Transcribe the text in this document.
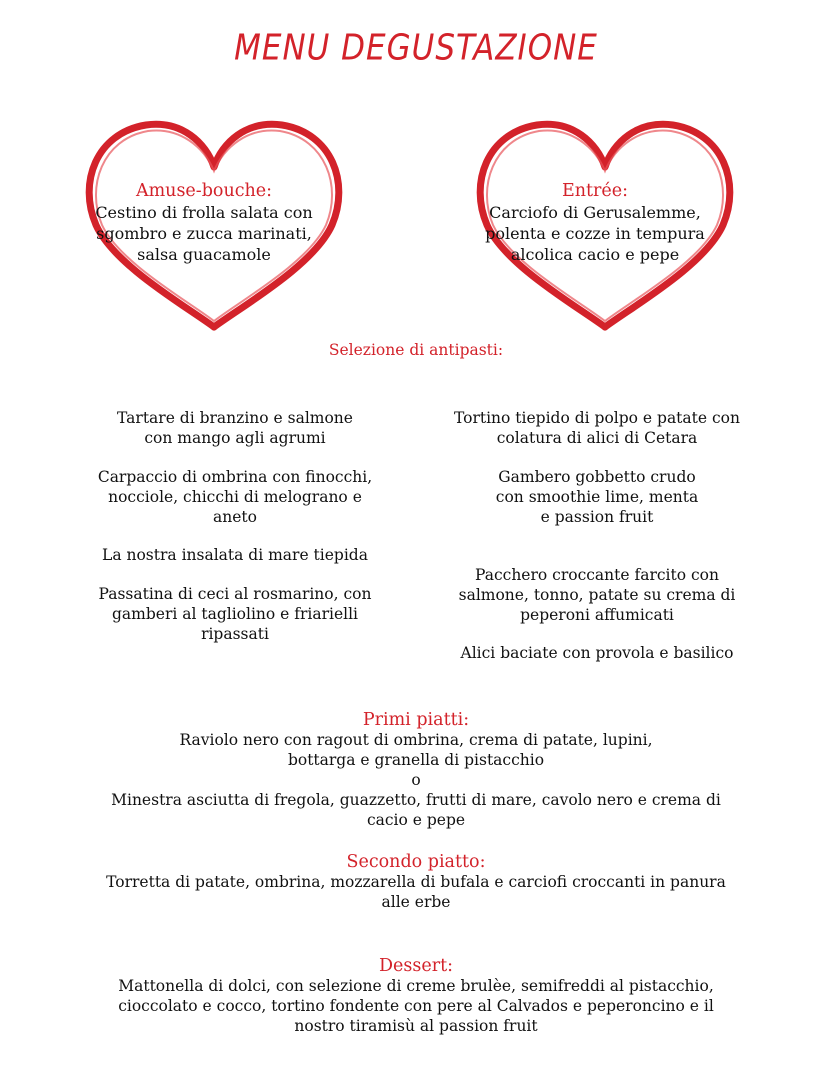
MENU DEGUSTAZIONE
Amuse-bouche:
Cestino di frolla salata con
sgombro e zucca marinati,
salsa guacamole
Entrée:
Carciofo di Gerusalemme,
polenta e cozze in tempura
alcolica cacio e pepe
Selezione di antipasti:
Tartare di branzino e salmone
con mango agli agrumi
Carpaccio di ombrina con finocchi,
nocciole, chicchi di melograno e
aneto
La nostra insalata di mare tiepida
Passatina di ceci al rosmarino, con
gamberi al tagliolino e friarielli
ripassati
Tortino tiepido di polpo e patate con
colatura di alici di Cetara
Gambero gobbetto crudo
con smoothie lime, menta
e passion fruit
Pacchero croccante farcito con
salmone, tonno, patate su crema di
peperoni affumicati
Alici baciate con provola e basilico
Primi piatti:
Raviolo nero con ragout di ombrina, crema di patate, lupini,
bottarga e granella di pistacchio
o
Minestra asciutta di fregola, guazzetto, frutti di mare, cavolo nero e crema di
cacio e pepe
Secondo piatto:
Torretta di patate, ombrina, mozzarella di bufala e carciofi croccanti in panura
alle erbe
Dessert:
Mattonella di dolci, con selezione di creme brulèe, semifreddi al pistacchio,
cioccolato e cocco, tortino fondente con pere al Calvados e peperoncino e il
nostro tiramisù al passion fruit
